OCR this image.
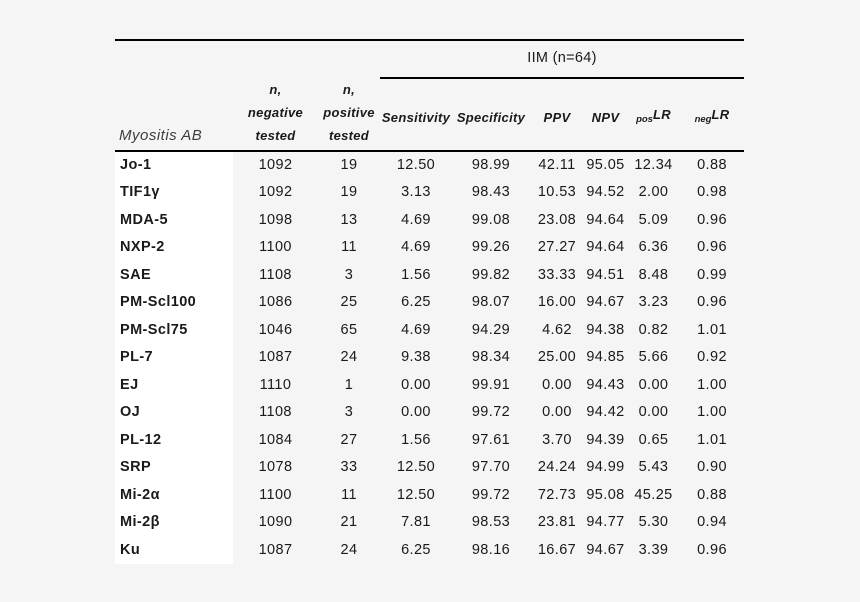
			IIM (n=64)					
Myositis AB	
n,
negative
tested

n,
positive
tested

Sensitivity	Specificity	PPV	NPV	$_{pos}$LR	$_{neg}$LR

Jo-1	1092	19	12.50	98.99	42.11	95.05	12.34	0.88
TIF1γ	1092	19	3.13	98.43	10.53	94.52	2.00	0.98
MDA-5	1098	13	4.69	99.08	23.08	94.64	5.09	0.96
NXP-2	1100	11	4.69	99.26	27.27	94.64	6.36	0.96
SAE	1108	3	1.56	99.82	33.33	94.51	8.48	0.99
PM-Scl100	1086	25	6.25	98.07	16.00	94.67	3.23	0.96
PM-Scl75	1046	65	4.69	94.29	4.62	94.38	0.82	1.01
PL-7	1087	24	9.38	98.34	25.00	94.85	5.66	0.92
EJ	1110	1	0.00	99.91	0.00	94.43	0.00	1.00
OJ	1108	3	0.00	99.72	0.00	94.42	0.00	1.00
PL-12	1084	27	1.56	97.61	3.70	94.39	0.65	1.01
SRP	1078	33	12.50	97.70	24.24	94.99	5.43	0.90
Mi-2α	1100	11	12.50	99.72	72.73	95.08	45.25	0.88
Mi-2β	1090	21	7.81	98.53	23.81	94.77	5.30	0.94
Ku	1087	24	6.25	98.16	16.67	94.67	3.39	0.96
